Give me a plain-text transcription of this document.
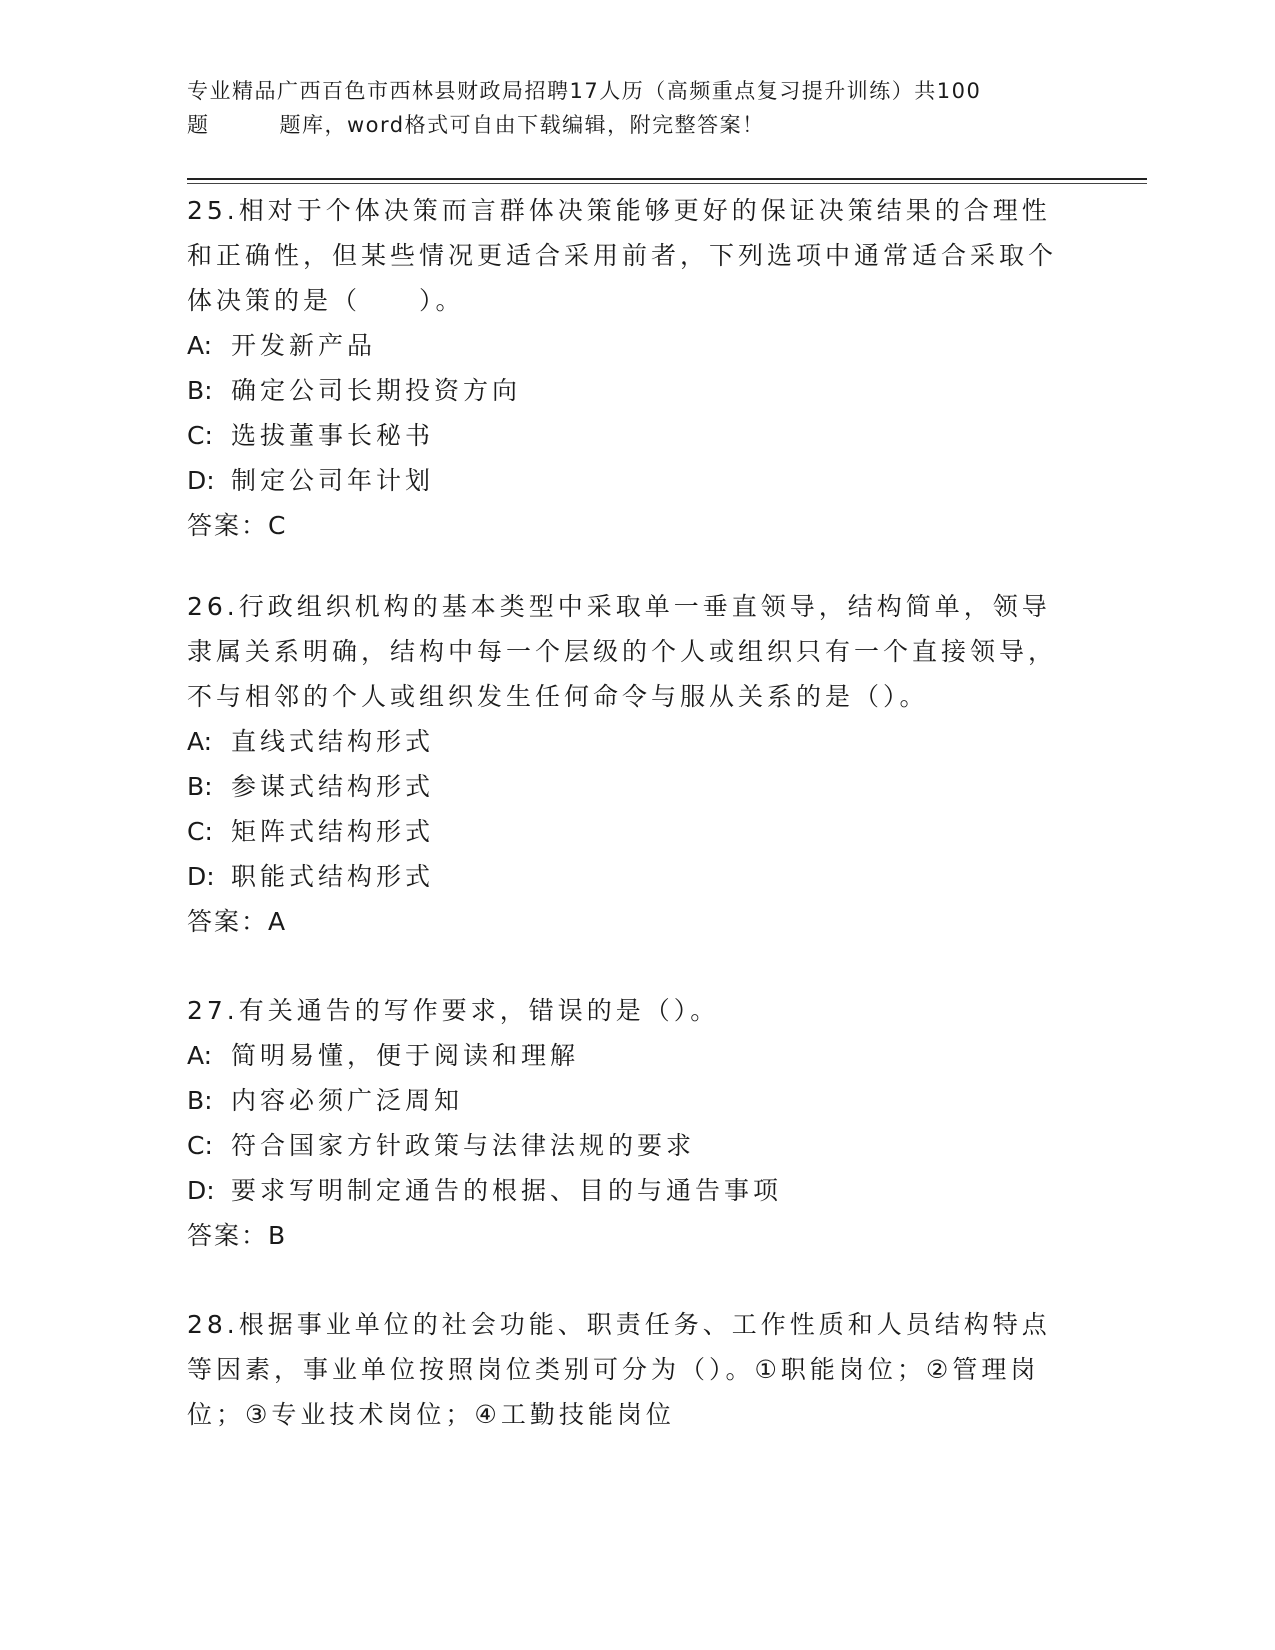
专业精品广西百色市西林县财政局招聘17人历（高频重点复习提升训练）共100
题	题库，word格式可自由下载编辑，附完整答案！

25.相对于个体决策而言群体决策能够更好的保证决策结果的合理性和正确性，但某些情况更适合采用前者，下列选项中通常适合采取个体决策的是（　　）。

A: 开发新产品

B: 确定公司长期投资方向

C: 选拔董事长秘书

D: 制定公司年计划

答案：C

26.行政组织机构的基本类型中采取单一垂直领导，结构简单，领导隶属关系明确，结构中每一个层级的个人或组织只有一个直接领导，不与相邻的个人或组织发生任何命令与服从关系的是（）。

A: 直线式结构形式

B: 参谋式结构形式

C: 矩阵式结构形式

D: 职能式结构形式

答案：A

27.有关通告的写作要求，错误的是（）。

A: 简明易懂，便于阅读和理解

B: 内容必须广泛周知

C: 符合国家方针政策与法律法规的要求

D: 要求写明制定通告的根据、目的与通告事项

答案：B

28.根据事业单位的社会功能、职责任务、工作性质和人员结构特点等因素，事业单位按照岗位类别可分为（）。①职能岗位；②管理岗位；③专业技术岗位；④工勤技能岗位
